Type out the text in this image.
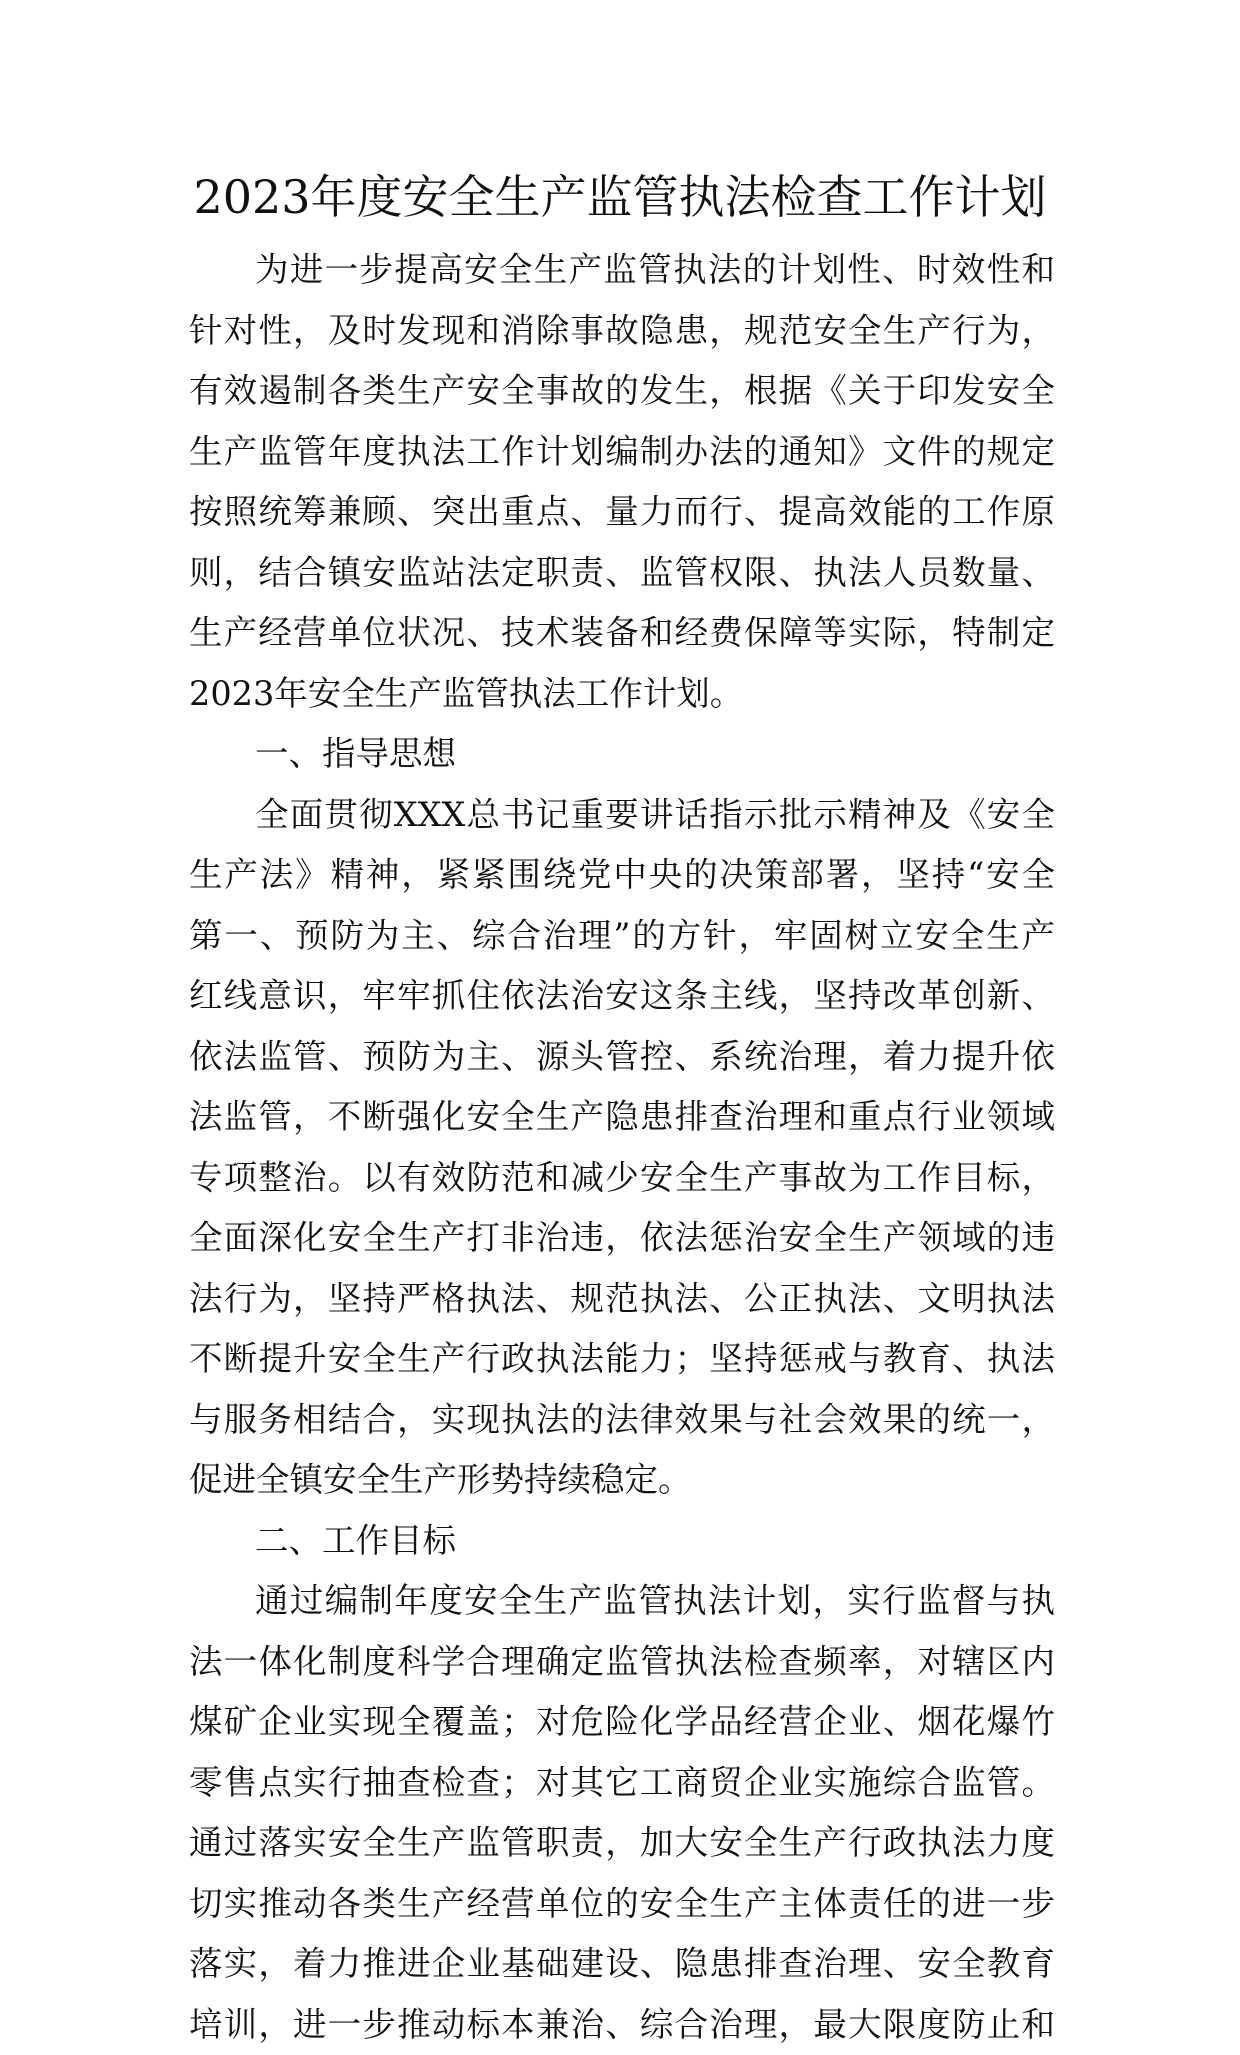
2023年度安全生产监管执法检查工作计划
为进一步提高安全生产监管执法的计划性、时效性和
针对性，及时发现和消除事故隐患，规范安全生产行为，
有效遏制各类生产安全事故的发生，根据《关于印发安全
生产监管年度执法工作计划编制办法的通知》文件的规定
按照统筹兼顾、突出重点、量力而行、提高效能的工作原
则，结合镇安监站法定职责、监管权限、执法人员数量、
生产经营单位状况、技术装备和经费保障等实际，特制定
2023年安全生产监管执法工作计划。
一、指导思想
全面贯彻XXX总书记重要讲话指示批示精神及《安全
生产法》精神，紧紧围绕党中央的决策部署，坚持“安全
第一、预防为主、综合治理”的方针，牢固树立安全生产
红线意识，牢牢抓住依法治安这条主线，坚持改革创新、
依法监管、预防为主、源头管控、系统治理，着力提升依
法监管，不断强化安全生产隐患排查治理和重点行业领域
专项整治。以有效防范和减少安全生产事故为工作目标，
全面深化安全生产打非治违，依法惩治安全生产领域的违
法行为，坚持严格执法、规范执法、公正执法、文明执法
不断提升安全生产行政执法能力；坚持惩戒与教育、执法
与服务相结合，实现执法的法律效果与社会效果的统一，
促进全镇安全生产形势持续稳定。
二、工作目标
通过编制年度安全生产监管执法计划，实行监督与执
法一体化制度科学合理确定监管执法检查频率，对辖区内
煤矿企业实现全覆盖；对危险化学品经营企业、烟花爆竹
零售点实行抽查检查；对其它工商贸企业实施综合监管。
通过落实安全生产监管职责，加大安全生产行政执法力度
切实推动各类生产经营单位的安全生产主体责任的进一步
落实，着力推进企业基础建设、隐患排查治理、安全教育
培训，进一步推动标本兼治、综合治理，最大限度防止和
